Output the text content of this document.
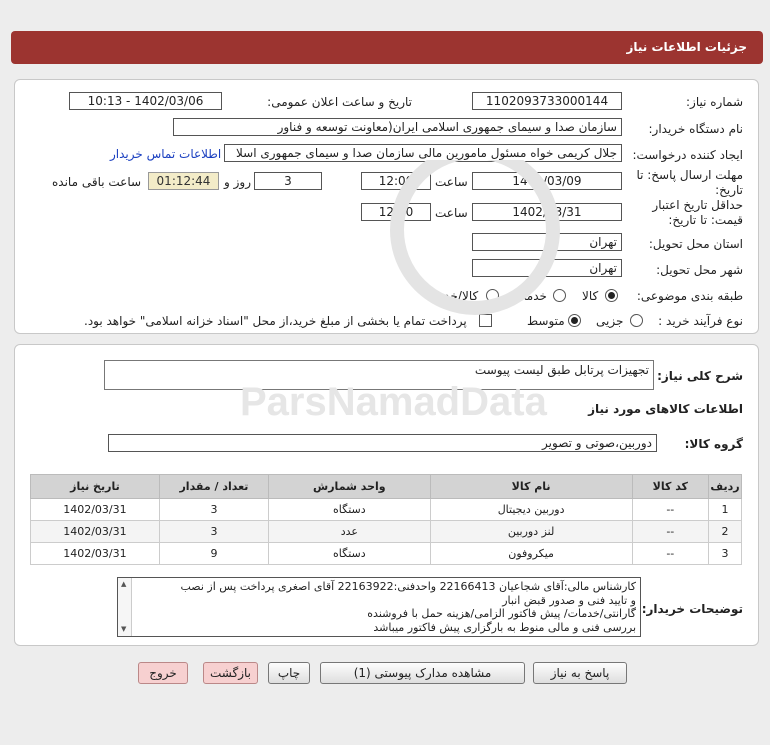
جزئیات اطلاعات نیاز
شماره نیاز:
1102093733000144
تاریخ و ساعت اعلان عمومی:
1402/03/06 - 10:13
نام دستگاه خریدار:
سازمان صدا و سیمای جمهوری اسلامی ایران(معاونت توسعه و فناور
ایجاد کننده درخواست:
جلال کریمی خواه مسئول مامورین مالی سازمان صدا و سیمای جمهوری اسلا
اطلاعات تماس خریدار
مهلت ارسال پاسخ: تا تاریخ:
1402/03/09
ساعت
12:00
3
روز و
01:12:44
ساعت باقی مانده
حداقل تاریخ اعتبار قیمت: تا تاریخ:
1402/03/31
ساعت
12:00
استان محل تحویل:
تهران
شهر محل تحویل:
تهران
طبقه بندی موضوعی:
کالا
خدمت
کالا/خدمت
نوع فرآیند خرید :
جزیی
متوسط
پرداخت تمام یا بخشی از مبلغ خرید،از محل "اسناد خزانه اسلامی" خواهد بود.
شرح کلی نیاز:
تجهیزات پرتابل طبق لیست پیوست
اطلاعات کالاهای مورد نیاز
گروه کالا:
دوربین،صوتی و تصویر
ردیف	کد کالا	نام کالا	واحد شمارش	تعداد / مقدار	تاریخ نیاز
1	--	دوربین دیجیتال	دستگاه	3	1402/03/31
2	--	لنز دوربین	عدد	3	1402/03/31
3	--	میکروفون	دستگاه	9	1402/03/31
توضیحات خریدار:
▲ ▼
کارشناس مالی:آقای شجاعیان 22166413 واحدفنی:22163922 آقای اصغری پرداخت پس از نصب
و تایید فنی و صدور قبض انبار
گارانتی/خدمات/ پیش فاکتور الزامی/هزینه حمل با فروشنده
بررسی فنی و مالی منوط به بارگزاری پیش فاکتور میباشد
ParsNamadData
پاسخ به نیاز
مشاهده مدارک پیوستی (1)
چاپ
بازگشت
خروج
